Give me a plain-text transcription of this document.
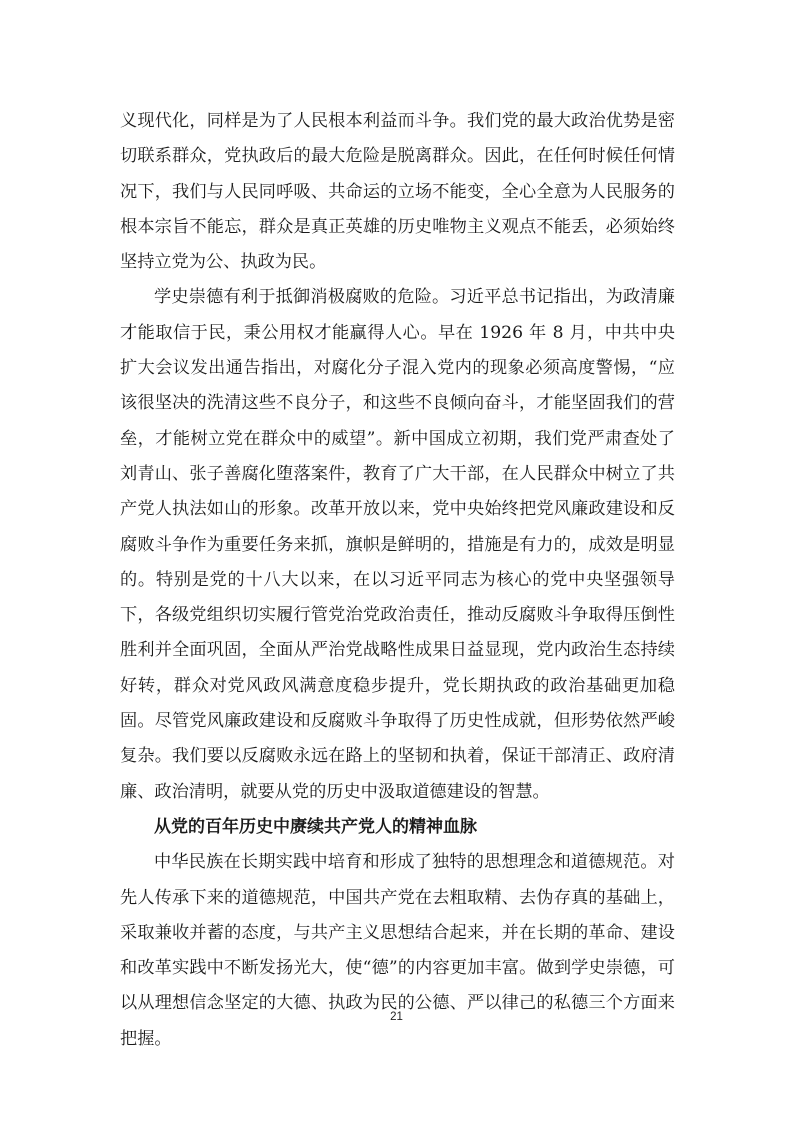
义现代化，同样是为了人民根本利益而斗争。我们党的最大政治优势是密切联系群众，党执政后的最大危险是脱离群众。因此，在任何时候任何情况下，我们与人民同呼吸、共命运的立场不能变，全心全意为人民服务的根本宗旨不能忘，群众是真正英雄的历史唯物主义观点不能丢，必须始终坚持立党为公、执政为民。

学史崇德有利于抵御消极腐败的危险。习近平总书记指出，为政清廉才能取信于民，秉公用权才能赢得人心。早在 1926 年 8 月，中共中央扩大会议发出通告指出，对腐化分子混入党内的现象必须高度警惕，“应该很坚决的洗清这些不良分子，和这些不良倾向奋斗，才能坚固我们的营垒，才能树立党在群众中的威望”。新中国成立初期，我们党严肃查处了刘青山、张子善腐化堕落案件，教育了广大干部，在人民群众中树立了共产党人执法如山的形象。改革开放以来，党中央始终把党风廉政建设和反腐败斗争作为重要任务来抓，旗帜是鲜明的，措施是有力的，成效是明显的。特别是党的十八大以来，在以习近平同志为核心的党中央坚强领导下，各级党组织切实履行管党治党政治责任，推动反腐败斗争取得压倒性胜利并全面巩固，全面从严治党战略性成果日益显现，党内政治生态持续好转，群众对党风政风满意度稳步提升，党长期执政的政治基础更加稳固。尽管党风廉政建设和反腐败斗争取得了历史性成就，但形势依然严峻复杂。我们要以反腐败永远在路上的坚韧和执着，保证干部清正、政府清廉、政治清明，就要从党的历史中汲取道德建设的智慧。

从党的百年历史中赓续共产党人的精神血脉

中华民族在长期实践中培育和形成了独特的思想理念和道德规范。对先人传承下来的道德规范，中国共产党在去粗取精、去伪存真的基础上，采取兼收并蓄的态度，与共产主义思想结合起来，并在长期的革命、建设和改革实践中不断发扬光大，使“德”的内容更加丰富。做到学史崇德，可以从理想信念坚定的大德、执政为民的公德、严以律己的私德三个方面来把握。

21
